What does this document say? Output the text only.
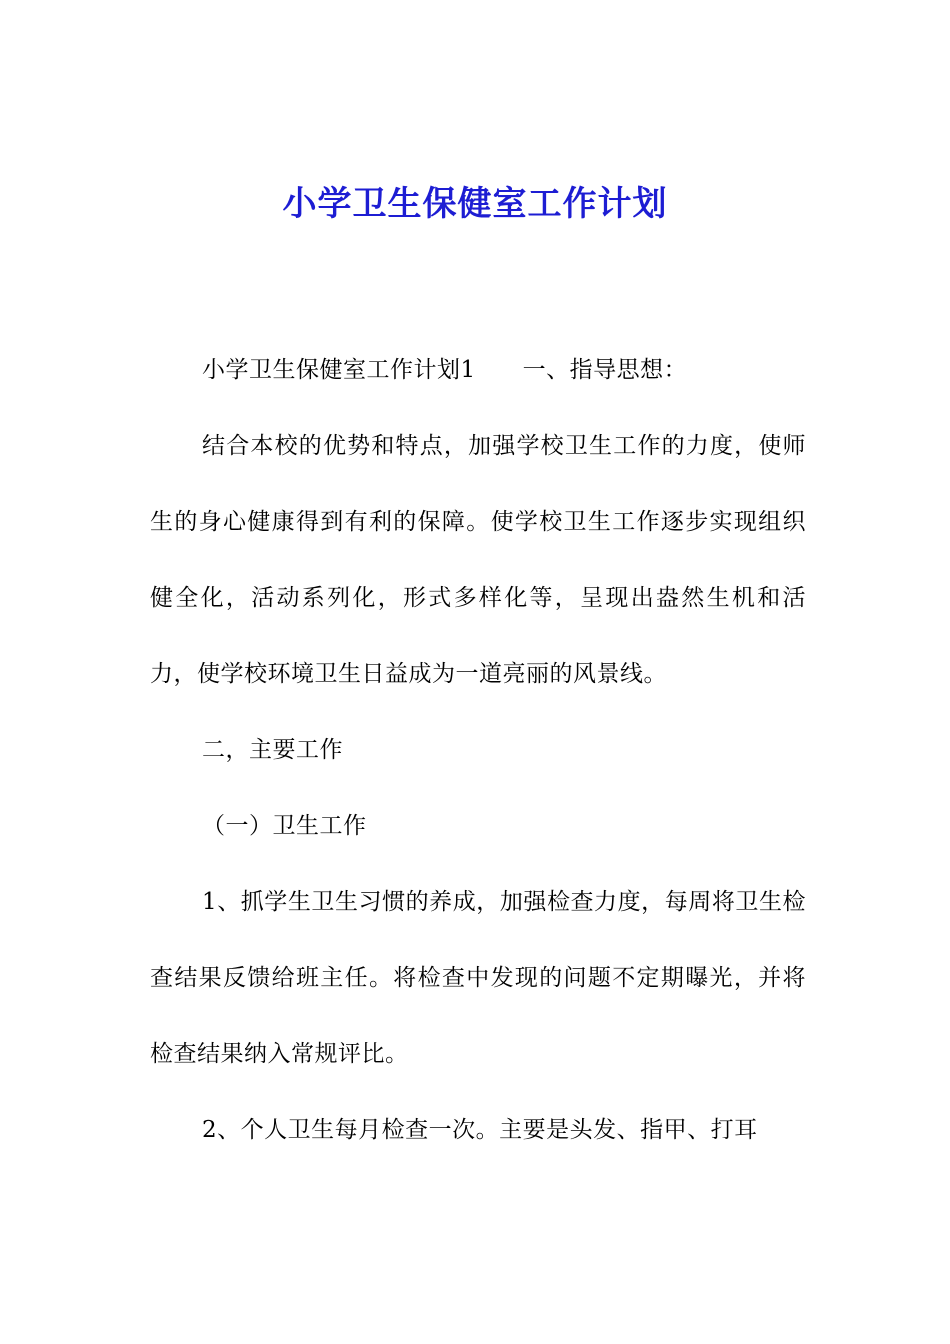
小学卫生保健室工作计划

小学卫生保健室工作计划1　　一、指导思想：

结合本校的优势和特点，加强学校卫生工作的力度，使师生的身心健康得到有利的保障。使学校卫生工作逐步实现组织健全化，活动系列化，形式多样化等，呈现出盎然生机和活力，使学校环境卫生日益成为一道亮丽的风景线。

二，主要工作

（一）卫生工作

1、抓学生卫生习惯的养成，加强检查力度，每周将卫生检查结果反馈给班主任。将检查中发现的问题不定期曝光，并将检查结果纳入常规评比。

2、个人卫生每月检查一次。主要是头发、指甲、打耳
